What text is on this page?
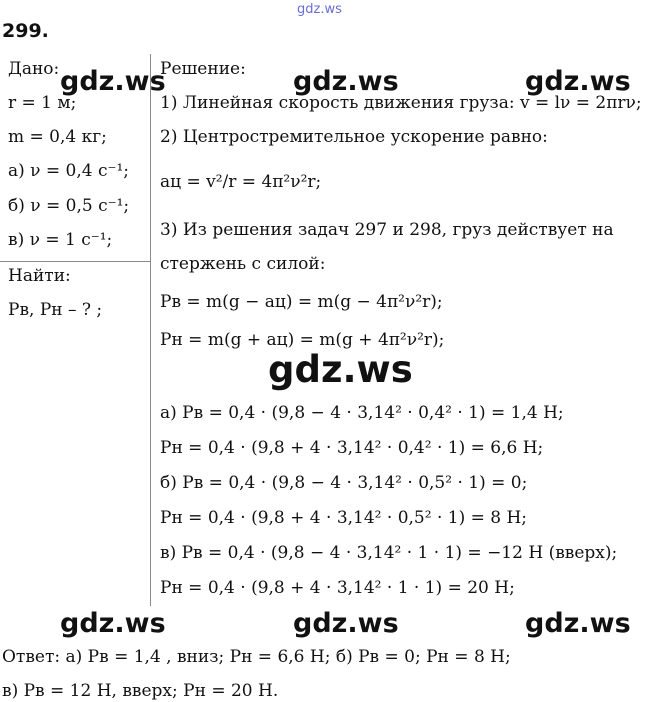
gdz.ws
299.
Дано:
r = 1 м;
m = 0,4 кг;
а) ν = 0,4 с⁻¹;
б) ν = 0,5 с⁻¹;
в) ν = 1 с⁻¹;
Найти:
Pв, Pн – ? ;
Решение:
1) Линейная скорость движения груза: v = lν = 2πrν;
2) Центростремительное ускорение равно:
aц = v²/r = 4π²ν²r;
3) Из решения задач 297 и 298, груз действует на
стержень с силой:
Pв = m(g − aц) = m(g − 4π²ν²r);
Pн = m(g + aц) = m(g + 4π²ν²r);
а) Pв = 0,4 · (9,8 − 4 · 3,14² · 0,4² · 1) = 1,4 Н;
Pн = 0,4 · (9,8 + 4 · 3,14² · 0,4² · 1) = 6,6 Н;
б) Pв = 0,4 · (9,8 − 4 · 3,14² · 0,5² · 1) = 0;
Pн = 0,4 · (9,8 + 4 · 3,14² · 0,5² · 1) = 8 Н;
в) Pв = 0,4 · (9,8 − 4 · 3,14² · 1 · 1) = −12 Н (вверх);
Pн = 0,4 · (9,8 + 4 · 3,14² · 1 · 1) = 20 Н;
Ответ: а) Pв = 1,4 , вниз; Pн = 6,6 Н; б) Pв = 0; Pн = 8 Н;
в) Pв = 12 Н, вверх; Pн = 20 Н.
gdz.ws	gdz.ws	gdz.ws
gdz.ws
gdz.ws	gdz.ws	gdz.ws
